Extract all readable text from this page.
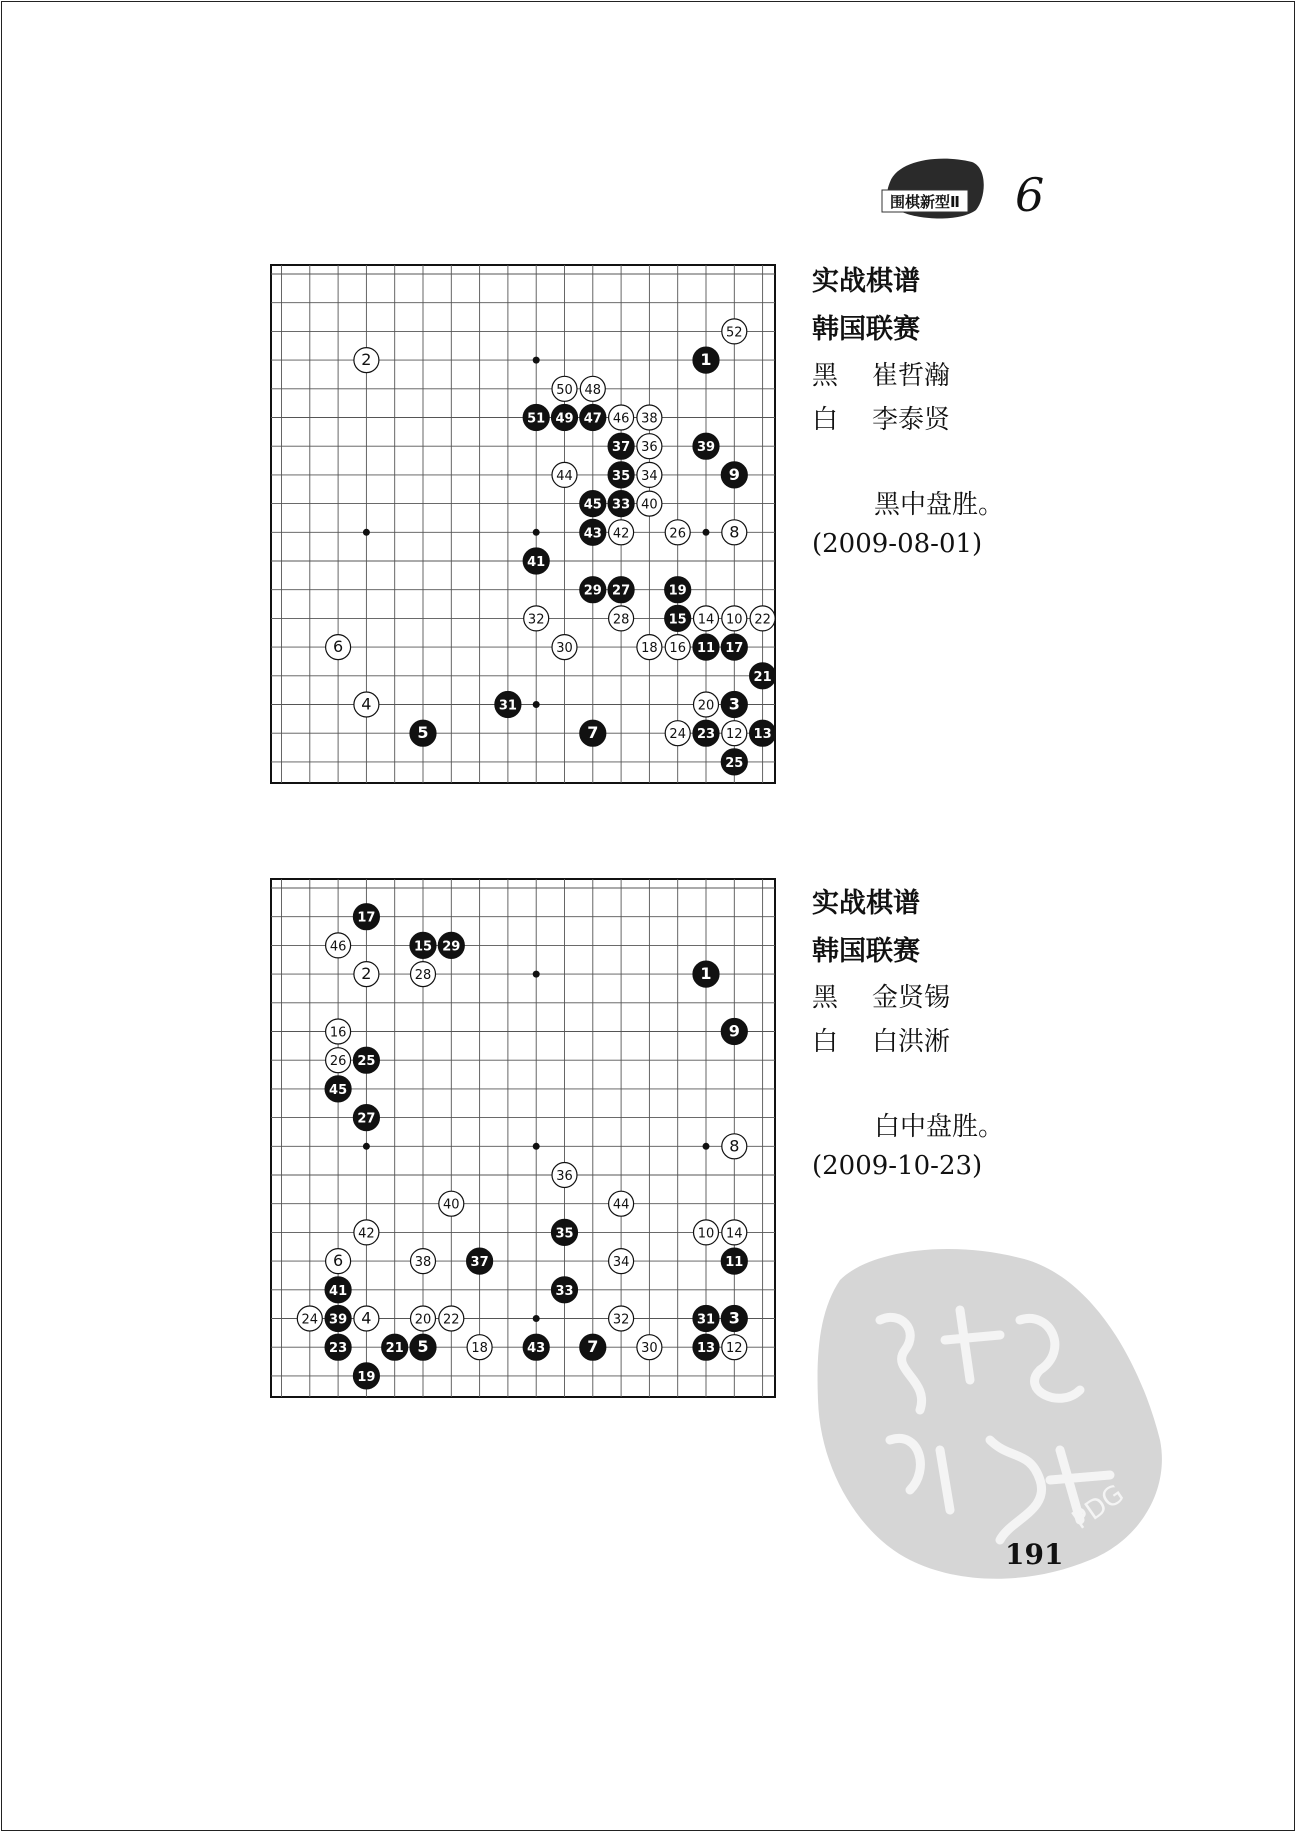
围棋新型Ⅱ 6
1
2
3
4
5
6
7
8
9
10
11
12 13
14
15
16	17
18
19
20
21
22
23
24
25
26
27
28
29
30
31
32
33
34
35
36
37
38
39
40
41
42
43
44
45
46
47
48
49
50
51
52
实战棋谱
韩国联赛
黑 崔哲瀚
白 李泰贤
黑中盘胜。
(2009-08-01)
1
2
3
4
5
6
7
8
9
10
11
12
13
14
15
16
17
18
19
20
21
22
23
24
25
26
27
28
29
30
31
32
33
34
35
36
37
38
39
40
41
42
43
44
45
46
实战棋谱
韩国联赛
黑 金贤锡
白 白洪淅
白中盘胜。
(2009-10-23)
PDG
191
